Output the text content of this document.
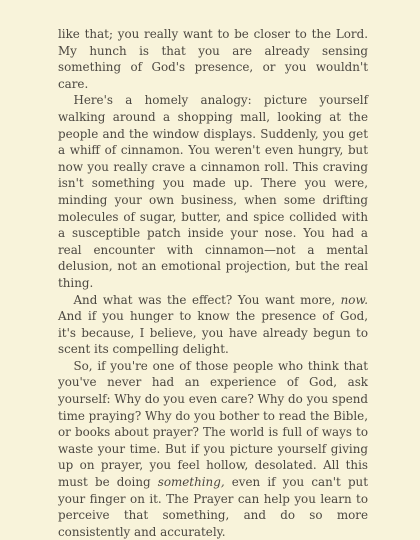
like that; you really want to be closer to the Lord. My hunch is that you are already sensing something of God's presence, or you wouldn't care.

Here's a homely analogy: picture yourself walking around a shopping mall, looking at the people and the window displays. Suddenly, you get a whiff of cinnamon. You weren't even hungry, but now you really crave a cinnamon roll. This craving isn't something you made up. There you were, minding your own business, when some drifting molecules of sugar, butter, and spice collided with a susceptible patch inside your nose. You had a real encounter with cinnamon—not a mental delusion, not an emotional projection, but the real thing.

And what was the effect? You want more, now. And if you hunger to know the presence of God, it's because, I believe, you have already begun to scent its compelling delight.

So, if you're one of those people who think that you've never had an experience of God, ask yourself: Why do you even care? Why do you spend time praying? Why do you bother to read the Bible, or books about prayer? The world is full of ways to waste your time. But if you picture yourself giving up on prayer, you feel hollow, desolated. All this must be doing something, even if you can't put your finger on it. The Prayer can help you learn to perceive that something, and do so more consistently and accurately.
